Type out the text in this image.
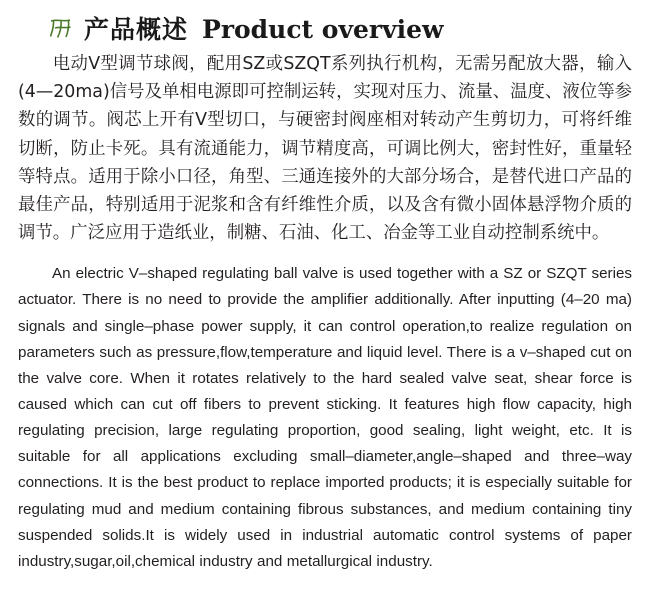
产品概述 Product overview

电动V型调节球阀，配用SZ或SZQT系列执行机构，无需另配放大器，输入(4—20ma)信号及单相电源即可控制运转，实现对压力、流量、温度、液位等参数的调节。阀芯上开有V型切口，与硬密封阀座相对转动产生剪切力，可将纤维切断，防止卡死。具有流通能力，调节精度高，可调比例大，密封性好，重量轻等特点。适用于除小口径，角型、三通连接外的大部分场合，是替代进口产品的最佳产品，特别适用于泥浆和含有纤维性介质，以及含有微小固体悬浮物介质的调节。广泛应用于造纸业，制糖、石油、化工、冶金等工业自动控制系统中。

An electric V–shaped regulating ball valve is used together with a SZ or SZQT series actuator. There is no need to provide the amplifier additionally. After inputting (4–20 ma) signals and single–phase power supply, it can control operation,to realize regulation on parameters such as pressure,flow,temperature and liquid level. There is a v–shaped cut on the valve core. When it rotates relatively to the hard sealed valve seat, shear force is caused which can cut off fibers to prevent sticking. It features high flow capacity, high regulating precision, large regulating proportion, good sealing, light weight, etc. It is suitable for all applications excluding small–diameter,angle–shaped and three–way connections. It is the best product to replace imported products; it is especially suitable for regulating mud and medium containing fibrous substances, and medium containing tiny suspended solids.It is widely used in industrial automatic control systems of paper industry,sugar,oil,chemical industry and metallurgical industry.
